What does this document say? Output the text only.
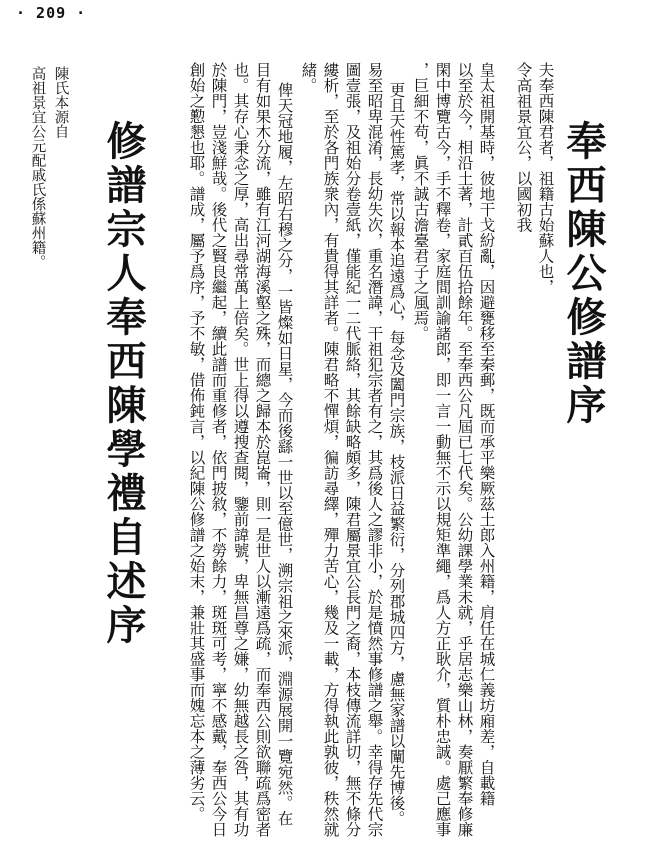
· 209 ·
奉西陳公修譜序
夫奉西陳君者，祖籍古始蘇人也，
令高祖景宜公，以國初我
皇太祖開基時，彼地干戈紛亂，因避甕移至秦郵，既而承平樂厥茲土郎入州籍，肩任在城仁義坊廂差，自載籍
以至於今，相沿土著，計貳百伍拾餘年。至奉西公凡屆已七代矣。公幼課學業未就，乎居志樂山林，奏厭繁奉修廉
閑中博覽古今，手不釋卷，家庭間訓諭諸郎，即一言一動無不示以規矩準繩，爲人方正耿介，質朴忠誠。處己應事
，巨細不苟，眞不誠古澹臺君子之風焉。
更且天性篤孝，常以報本追遠爲心，每念及闔門宗族，枝派日益繁衍，分列郡城四方，慮無家譜以闡先博後。
易至昭卑混淆，長幼失次，重名潛諱，干祖犯宗者有之，其爲後人之謬非小，於是憤然事修譜之舉。幸得存先代宗
圖壹張，及祖始分卷壹紙，僅能紀一二代脈絡，其餘缺略頗多，陳君屬景宜公長門之裔，本枝傳流詳切，無不條分
縷析，至於各門族衆內，有貴得其詳者。陳君略不憚煩，徧訪尋繹，殫力苦心，幾及一載，方得執此孰彼，秩然就
緒。
俾天冠地履，左昭右穆之分，一皆燦如日星，今而後繇一世以至億世，溯宗祖之來派，淵源展開一覽宛然。在
目有如果木分流，雖有江河湖海溪壑之殊，而總之歸本於崑崙，則一是世人以漸遠爲疏，而奉西公則欲聯疏爲密者
也。其存心秉念之厚，高出尋常萬上倍矣。世上得以遵搜查閱，鑒前諱號，卑無昌尊之嫌，幼無越長之咎，其有功
於陳門，豈淺鮮哉。後代之賢良繼起，續此譜而重修者，依門披敘，不勞餘力，斑斑可考，寧不感戴，奉西公今日
創始之懃懇也耶。譜成，屬予爲序，予不敏，借佈鈍言，以紀陳公修譜之始末，兼壯其盛事而媿忘本之薄劣云。
修譜宗人奉西陳學禮自述序
陳氏本源自
高祖景宜公元配戚氏係蘇州籍。
